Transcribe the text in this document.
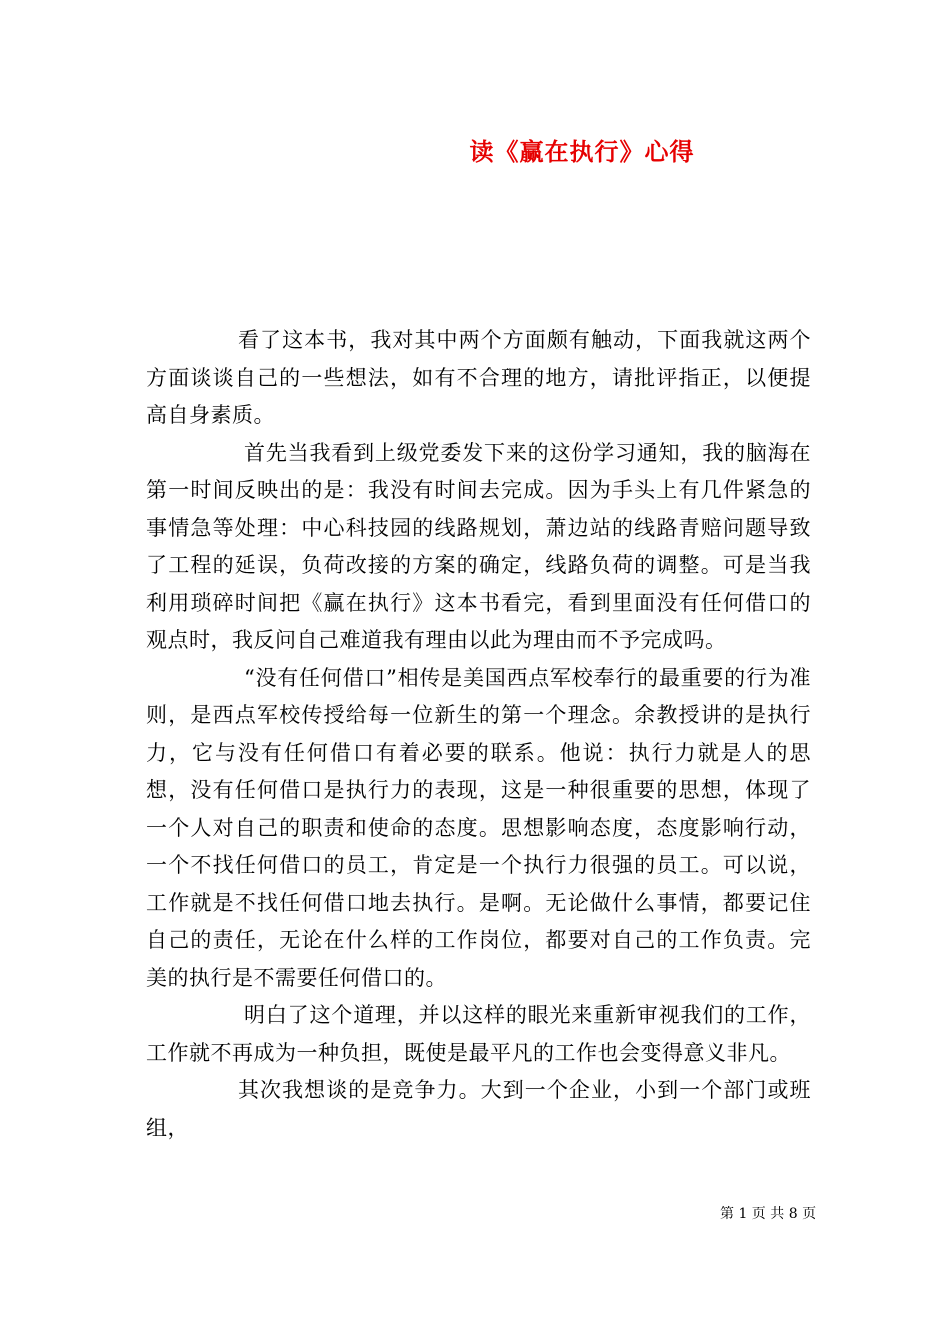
读《赢在执行》心得

看了这本书，我对其中两个方面颇有触动，下面我就这两个方面谈谈自己的一些想法，如有不合理的地方，请批评指正，以便提高自身素质。

首先当我看到上级党委发下来的这份学习通知，我的脑海在第一时间反映出的是：我没有时间去完成。因为手头上有几件紧急的事情急等处理：中心科技园的线路规划，萧边站的线路青赔问题导致了工程的延误，负荷改接的方案的确定，线路负荷的调整。可是当我利用琐碎时间把《赢在执行》这本书看完，看到里面没有任何借口的观点时，我反问自己难道我有理由以此为理由而不予完成吗。

“没有任何借口”相传是美国西点军校奉行的最重要的行为准则，是西点军校传授给每一位新生的第一个理念。余教授讲的是执行力，它与没有任何借口有着必要的联系。他说：执行力就是人的思想，没有任何借口是执行力的表现，这是一种很重要的思想，体现了一个人对自己的职责和使命的态度。思想影响态度，态度影响行动，一个不找任何借口的员工，肯定是一个执行力很强的员工。可以说，工作就是不找任何借口地去执行。是啊。无论做什么事情，都要记住自己的责任，无论在什么样的工作岗位，都要对自己的工作负责。完美的执行是不需要任何借口的。

明白了这个道理，并以这样的眼光来重新审视我们的工作，工作就不再成为一种负担，既使是最平凡的工作也会变得意义非凡。

其次我想谈的是竞争力。大到一个企业，小到一个部门或班组，

第 1 页 共 8 页
